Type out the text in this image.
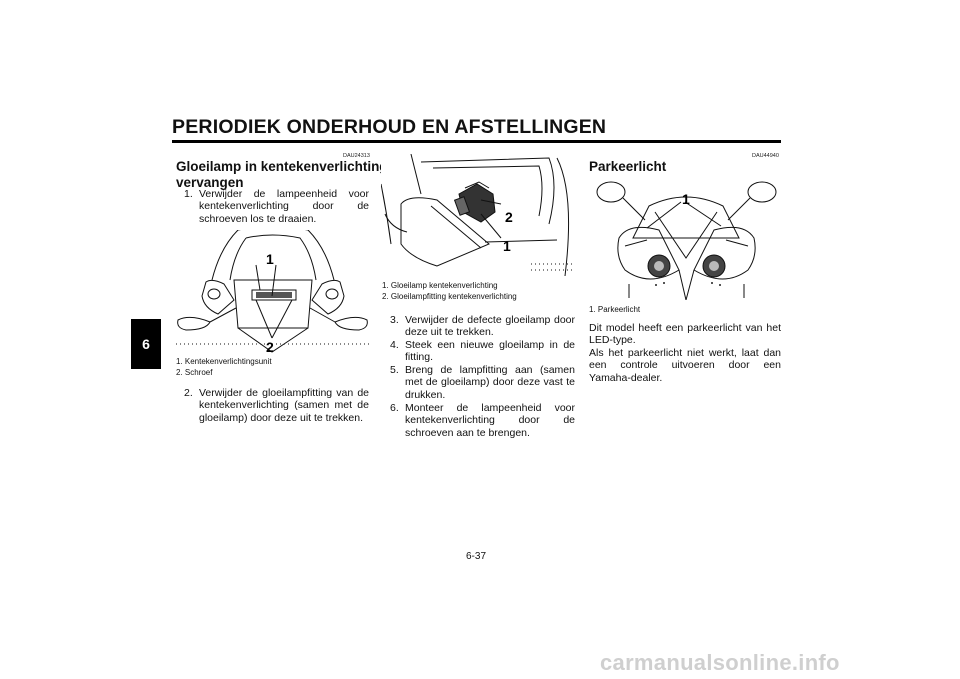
PERIODIEK ONDERHOUD EN AFSTELLINGEN
6
DAU24313
Gloeilamp in kentekenverlichting
vervangen
1. Verwijder de lampeenheid voor kentekenverlichting door de schroeven los te draaien.
1
2
1. Kentekenverlichtingsunit
2. Schroef
2. Verwijder de gloeilampfitting van de kentekenverlichting (samen met de gloeilamp) door deze uit te trekken.
2
1
1. Gloeilamp kentekenverlichting
2. Gloeilampfitting kentekenverlichting
3. Verwijder de defecte gloeilamp door deze uit te trekken.
4. Steek een nieuwe gloeilamp in de fitting.
5. Breng de lampfitting aan (samen met de gloeilamp) door deze vast te drukken.
6. Monteer de lampeenheid voor kentekenverlichting door de schroeven aan te brengen.
DAU44940
Parkeerlicht
1
1. Parkeerlicht
Dit model heeft een parkeerlicht van het LED-type.
Als het parkeerlicht niet werkt, laat dan een controle uitvoeren door een Yamaha-dealer.
6-37
carmanualsonline.info
